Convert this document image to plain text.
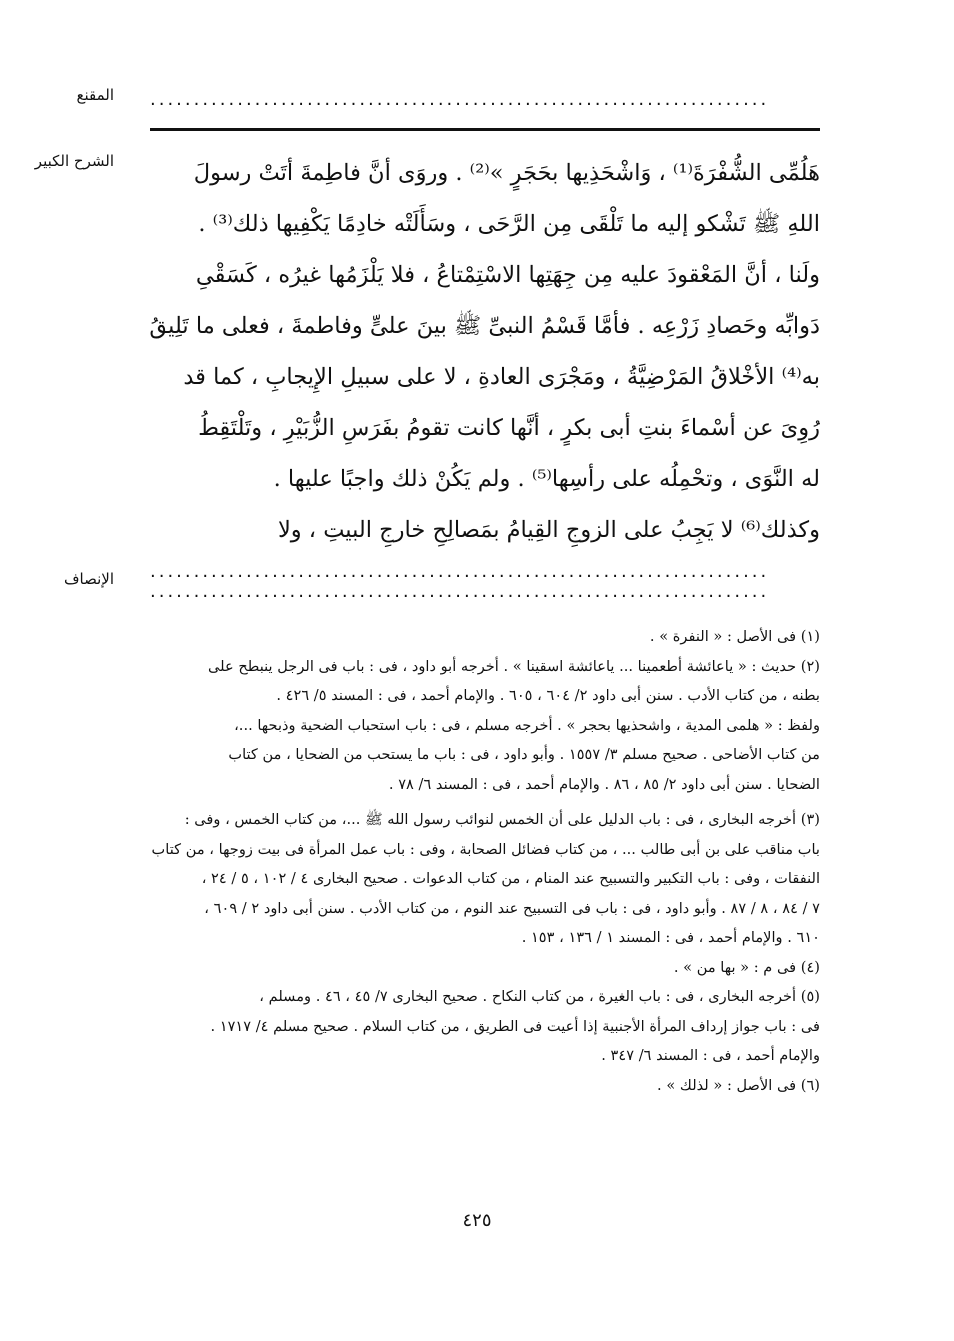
المقنع .......................................................................
الشرح الكبير	هَلُمِّى الشُّفْرَةَ⁽¹⁾ ، وَاشْحَذِيها بحَجَرٍ »⁽²⁾ . وروَى أنَّ فاطِمةَ أتَتْ رسولَ
اللهِ ﷺ تَشْكو إليه ما تَلْقَى مِن الرَّحَى ، وسَأَلَتْه خادِمًا يَكْفِيها ذلك⁽³⁾ .
ولَنا ، أنَّ المَعْقودَ عليه مِن جِهَتِها الاسْتِمْتاعُ ، فلا يَلْزَمُها غيرُه ، كَسَقْىِ
دَوابِّه وحَصادِ زَرْعِه . فأمَّا قَسْمُ النبىِّ ﷺ بينَ علىٍّ وفاطمةَ ، فعلى ما تَلِيقُ
به⁽⁴⁾ الأخْلاقُ المَرْضِيَّةُ ، ومَجْرَى العادةِ ، لا على سبيلِ الإِيجابِ ، كما قد
رُوِىَ عن أسْماءَ بنتِ أبى بكرٍ ، أنَّها كانت تقومُ بفَرَسِ الزُّبَيْرِ ، وتَلْتَقِطُ
له النَّوَى ، وتحْمِلُه على رأسِها⁽⁵⁾ . ولم يَكُنْ ذلك واجبًا عليها .
وكذلك⁽⁶⁾ لا يَجِبُ على الزوجِ القِيامُ بمَصالِحِ خارجِ البيتِ ، ولا
الإنصاف .......................................................................
.......................................................................
(١) فى الأصل : « النفرة » .
(٢) حديث : « ياعائشة أطعمينا ... ياعائشة اسقينا » . أخرجه أبو داود ، فى : باب فى الرجل ينبطح على
بطنه ، من كتاب الأدب . سنن أبى داود ٢/ ٦٠٤ ، ٦٠٥ . والإمام أحمد ، فى : المسند ٥/ ٤٢٦ .
ولفظ : « هلمى المدية ، واشحذيها بحجر » . أخرجه مسلم ، فى : باب استحباب الضحية وذبحها ...،
من كتاب الأضاحى . صحيح مسلم ٣/ ١٥٥٧ . وأبو داود ، فى : باب ما يستحب من الضحايا ، من كتاب
الضحايا . سنن أبى داود ٢/ ٨٥ ، ٨٦ . والإمام أحمد ، فى : المسند ٦/ ٧٨ .
(٣) أخرجه البخارى ، فى : باب الدليل على أن الخمس لنوائب رسول الله ﷺ ...، من كتاب الخمس ، وفى :
باب مناقب على بن أبى طالب ... ، من كتاب فضائل الصحابة ، وفى : باب عمل المرأة فى بيت زوجها ، من كتاب
النفقات ، وفى : باب التكبير والتسبيح عند المنام ، من كتاب الدعوات . صحيح البخارى ٤ / ١٠٢ ، ٥ / ٢٤ ،
٧ / ٨٤ ، ٨ / ٨٧ . وأبو داود ، فى : باب فى التسبيح عند النوم ، من كتاب الأدب . سنن أبى داود ٢ / ٦٠٩ ،
٦١٠ . والإمام أحمد ، فى : المسند ١ / ١٣٦ ، ١٥٣ .
(٤) فى م : « بها من » .
(٥) أخرجه البخارى ، فى : باب الغيرة ، من كتاب النكاح . صحيح البخارى ٧/ ٤٥ ، ٤٦ . ومسلم ،
فى : باب جواز إرداف المرأة الأجنبية إذا أعيت فى الطريق ، من كتاب السلام . صحيح مسلم ٤/ ١٧١٧ .
والإمام أحمد ، فى : المسند ٦/ ٣٤٧ .
(٦) فى الأصل : « لذلك » .
٤٢٥
